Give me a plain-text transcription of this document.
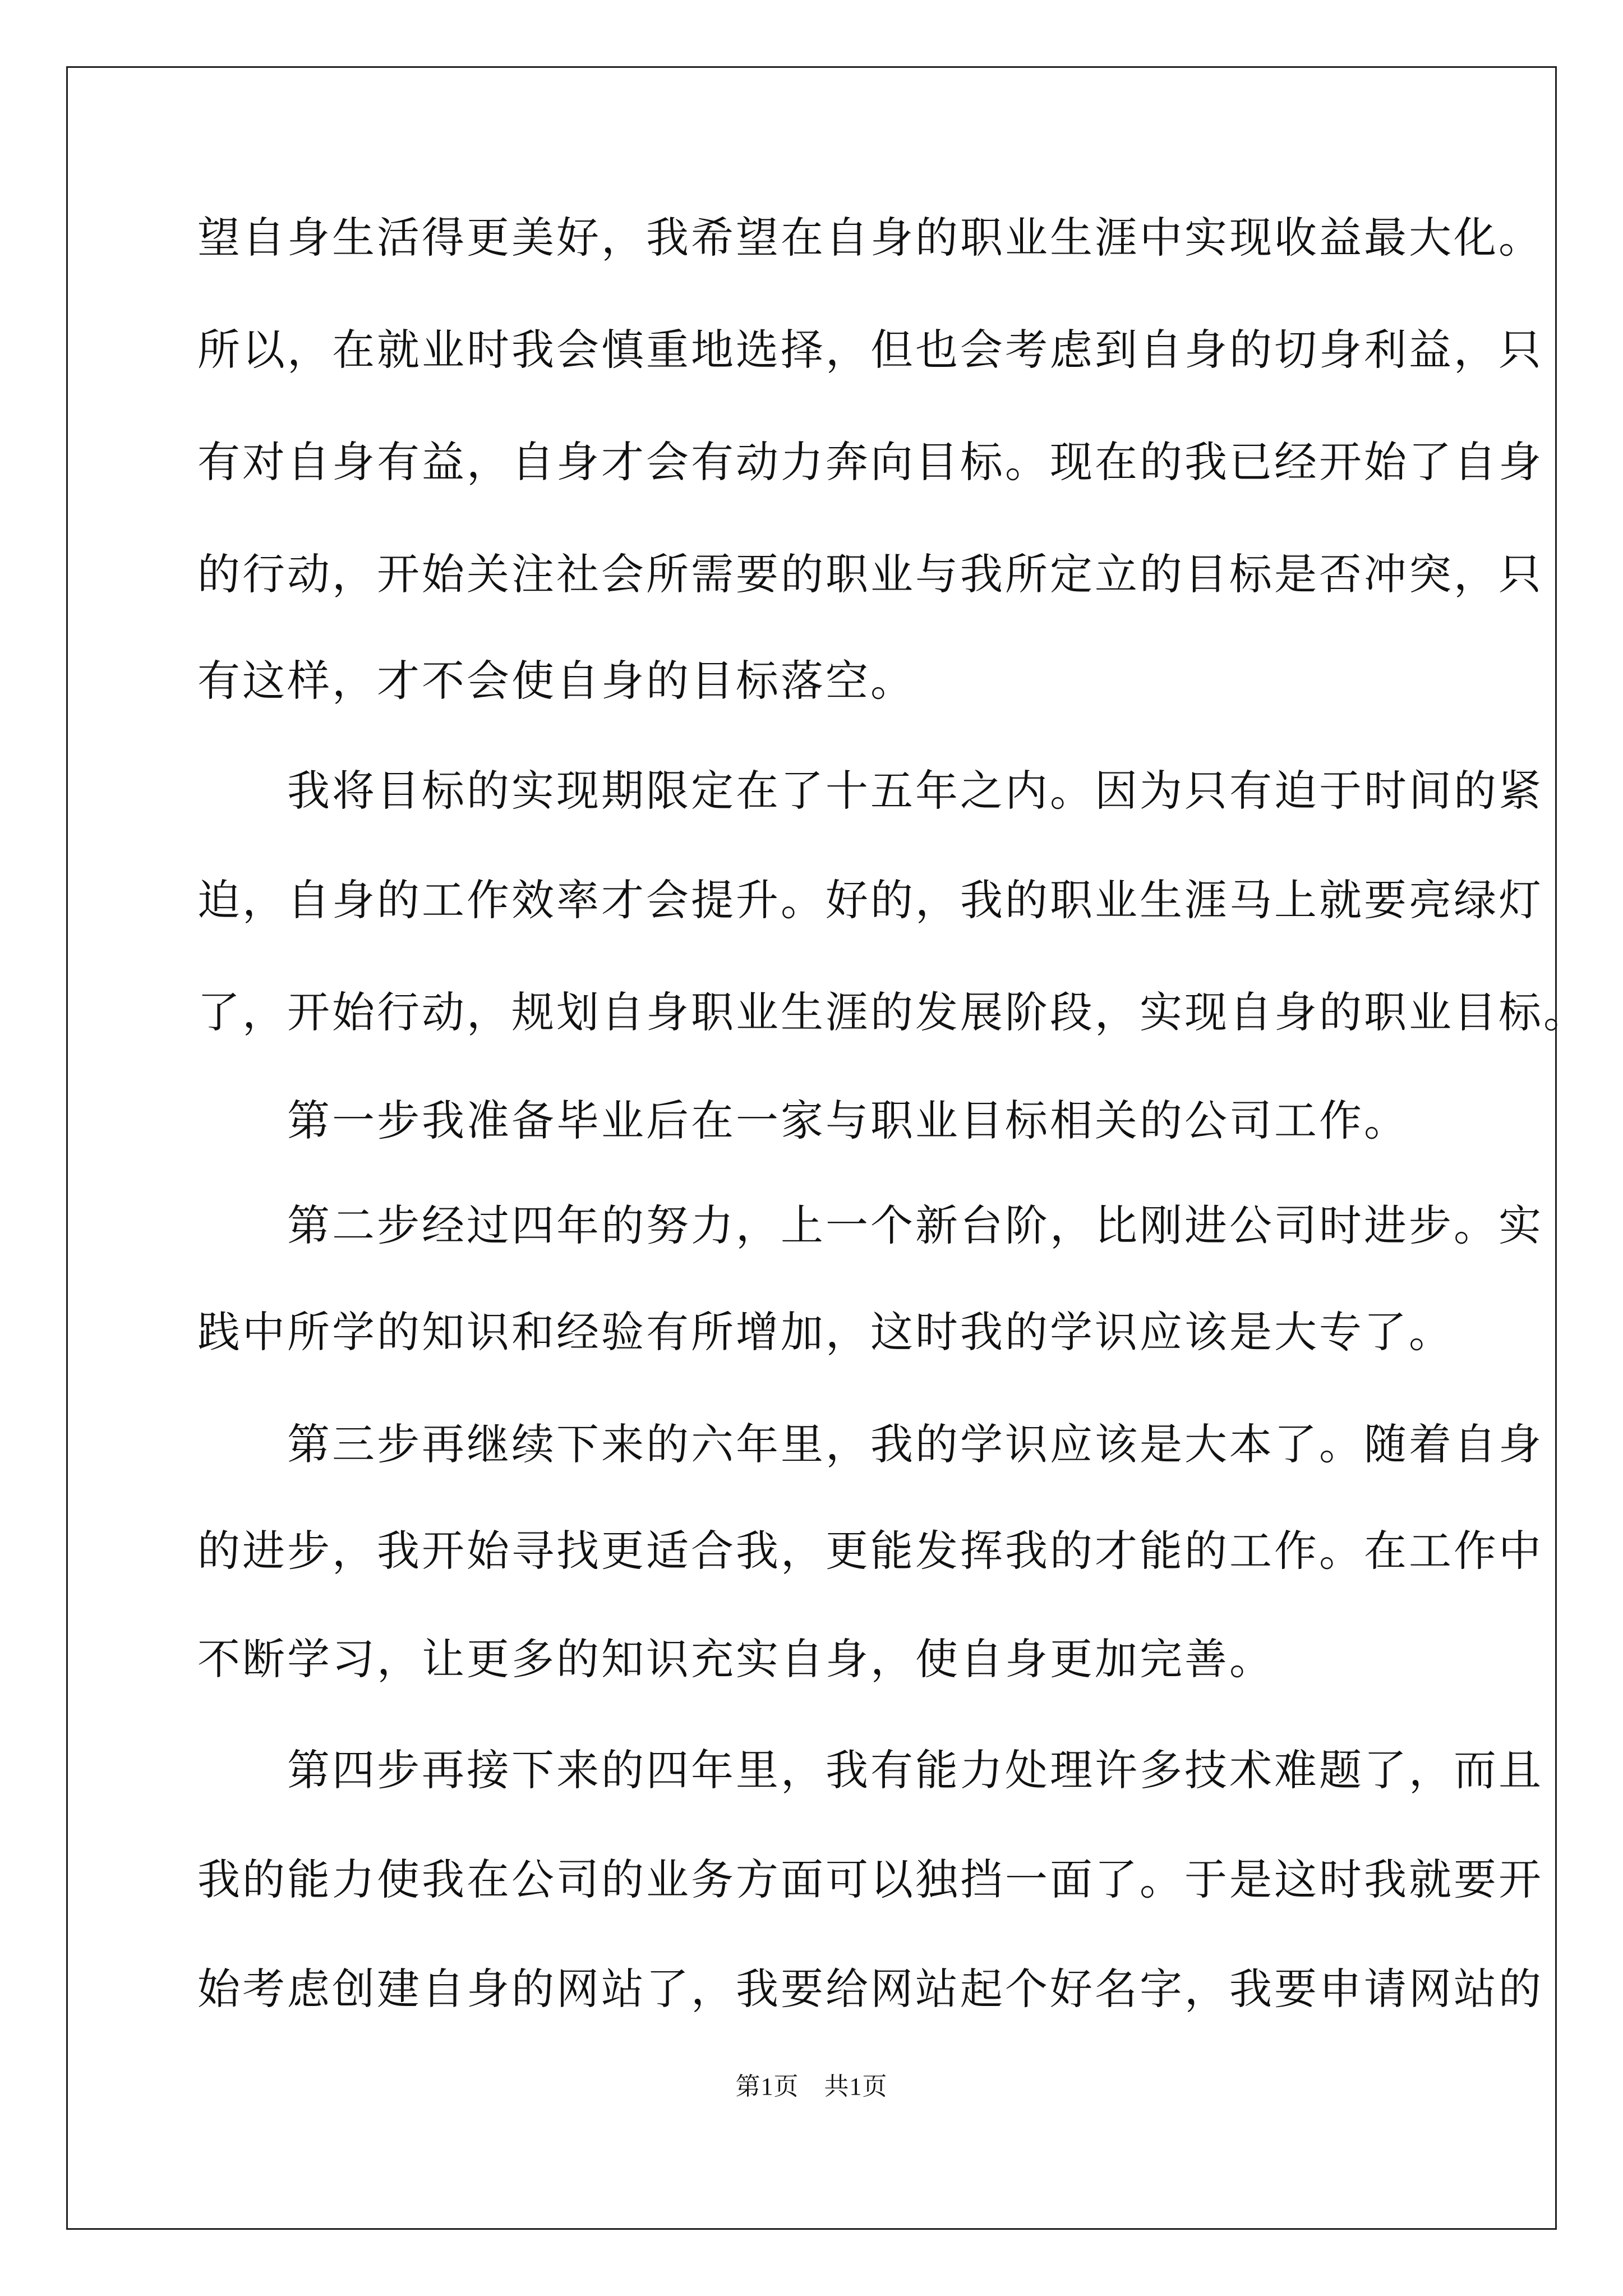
望自身生活得更美好，我希望在自身的职业生涯中实现收益最大化。
所以，在就业时我会慎重地选择，但也会考虑到自身的切身利益，只
有对自身有益，自身才会有动力奔向目标。现在的我已经开始了自身
的行动，开始关注社会所需要的职业与我所定立的目标是否冲突，只
有这样，才不会使自身的目标落空。
　　我将目标的实现期限定在了十五年之内。因为只有迫于时间的紧
迫，自身的工作效率才会提升。好的，我的职业生涯马上就要亮绿灯
了，开始行动，规划自身职业生涯的发展阶段，实现自身的职业目标。
　　第一步我准备毕业后在一家与职业目标相关的公司工作。
　　第二步经过四年的努力，上一个新台阶，比刚进公司时进步。实
践中所学的知识和经验有所增加，这时我的学识应该是大专了。
　　第三步再继续下来的六年里，我的学识应该是大本了。随着自身
的进步，我开始寻找更适合我，更能发挥我的才能的工作。在工作中
不断学习，让更多的知识充实自身，使自身更加完善。
　　第四步再接下来的四年里，我有能力处理许多技术难题了，而且
我的能力使我在公司的业务方面可以独挡一面了。于是这时我就要开
始考虑创建自身的网站了，我要给网站起个好名字，我要申请网站的
第1页　共1页
